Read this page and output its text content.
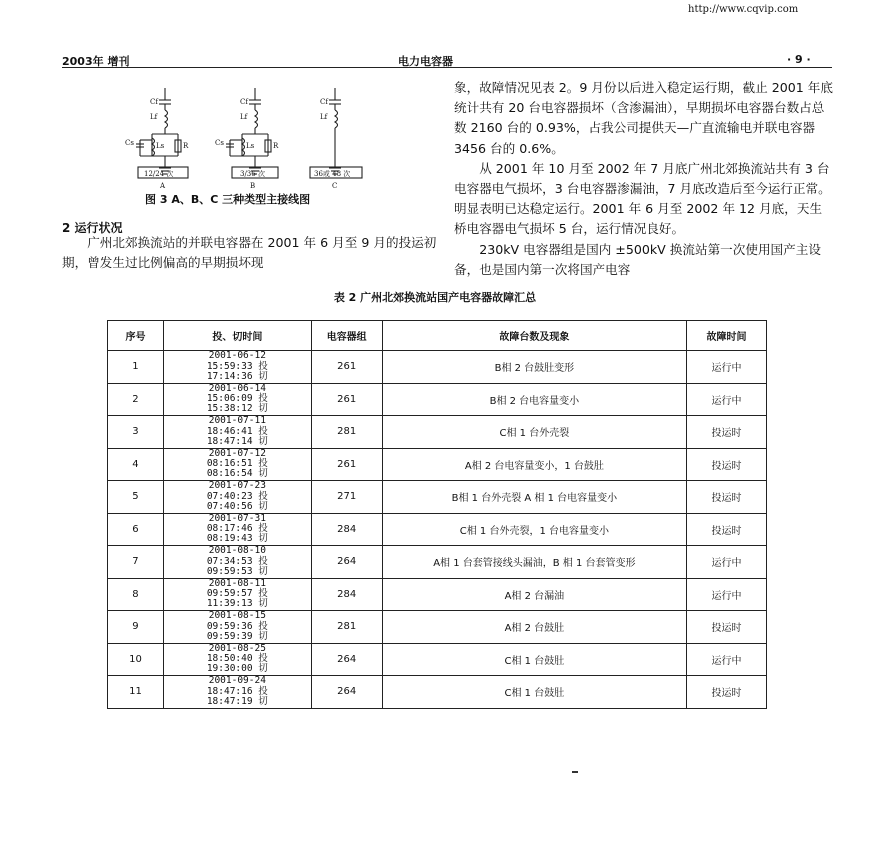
http://www.cqvip.com
2003年 增刊	电力电容器	· 9 ·
Cf
Lf
Cs	Ls	R
12/24 次
A
Cf
Lf
Cs	Ls	R
3/36 次
B
Cf
Lf
36或 48 次
C
图 3 A、B、C 三种类型主接线图
2 运行状况

广州北郊换流站的并联电容器在 2001 年 6 月至 9 月的投运初期，曾发生过比例偏高的早期损坏现

象，故障情况见表 2。9 月份以后进入稳定运行期，截止 2001 年底统计共有 20 台电容器损坏（含渗漏油），早期损坏电容器台数占总数 2160 台的 0.93%，占我公司提供天—广直流输电并联电容器 3456 台的 0.6%。

从 2001 年 10 月至 2002 年 7 月底广州北郊换流站共有 3 台电容器电气损坏，3 台电容器渗漏油，7 月底改造后至今运行正常。明显表明已达稳定运行。2001 年 6 月至 2002 年 12 月底，天生桥电容器电气损坏 5 台，运行情况良好。

230kV 电容器组是国内 ±500kV 换流站第一次使用国产主设备，也是国内第一次将国产电容

表 2 广州北郊换流站国产电容器故障汇总
序号	投、切时间	电容器组	故障台数及现象	故障时间
1	2001-06-12
15:59:33 投
17:14:36 切	261	B相 2 台鼓肚变形	运行中
2	2001-06-14
15:06:09 投
15:38:12 切	261	B相 2 台电容量变小	运行中
3	2001-07-11
18:46:41 投
18:47:14 切	281	C相 1 台外壳裂	投运时
4	2001-07-12
08:16:51 投
08:16:54 切	261	A相 2 台电容量变小，1 台鼓肚	投运时
5	2001-07-23
07:40:23 投
07:40:56 切	271	B相 1 台外壳裂 A 相 1 台电容量变小	投运时
6	2001-07-31
08:17:46 投
08:19:43 切	284	C相 1 台外壳裂，1 台电容量变小	投运时
7	2001-08-10
07:34:53 投
09:59:53 切	264	A相 1 台套管接线头漏油，B 相 1 台套管变形	运行中
8	2001-08-11
09:59:57 投
11:39:13 切	284	A相 2 台漏油	运行中
9	2001-08-15
09:59:36 投
09:59:39 切	281	A相 2 台鼓肚	投运时
10	2001-08-25
18:50:40 投
19:30:00 切	264	C相 1 台鼓肚	运行中
11	2001-09-24
18:47:16 投
18:47:19 切	264	C相 1 台鼓肚	投运时
